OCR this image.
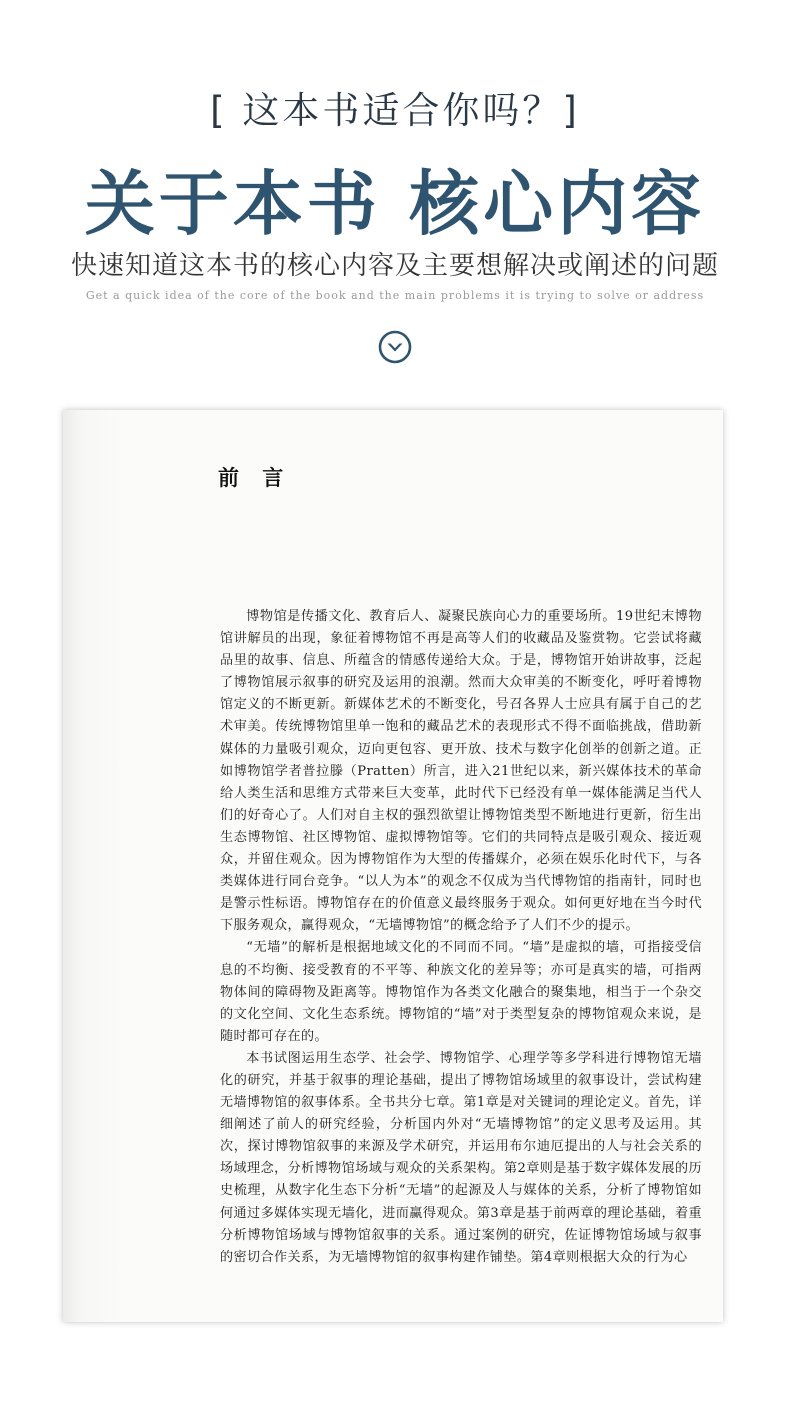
[ 这本书适合你吗？]
关于本书 核心内容
快速知道这本书的核心内容及主要想解决或阐述的问题
Get a quick idea of the core of the book and the main problems it is trying to solve or address
前 言

博物馆是传播文化、教育后人、凝聚民族向心力的重要场所。19世纪末博物馆讲解员的出现，象征着博物馆不再是高等人们的收藏品及鉴赏物。它尝试将藏品里的故事、信息、所蕴含的情感传递给大众。于是，博物馆开始讲故事，泛起了博物馆展示叙事的研究及运用的浪潮。然而大众审美的不断变化，呼吁着博物馆定义的不断更新。新媒体艺术的不断变化，号召各界人士应具有属于自己的艺术审美。传统博物馆里单一饱和的藏品艺术的表现形式不得不面临挑战，借助新媒体的力量吸引观众，迈向更包容、更开放、技术与数字化创举的创新之道。正如博物馆学者普拉滕（Pratten）所言，进入21世纪以来，新兴媒体技术的革命给人类生活和思维方式带来巨大变革，此时代下已经没有单一媒体能满足当代人们的好奇心了。人们对自主权的强烈欲望让博物馆类型不断地进行更新，衍生出生态博物馆、社区博物馆、虚拟博物馆等。它们的共同特点是吸引观众、接近观众，并留住观众。因为博物馆作为大型的传播媒介，必须在娱乐化时代下，与各类媒体进行同台竞争。“以人为本”的观念不仅成为当代博物馆的指南针，同时也是警示性标语。博物馆存在的价值意义最终服务于观众。如何更好地在当今时代下服务观众，赢得观众，“无墙博物馆”的概念给予了人们不少的提示。

“无墙”的解析是根据地域文化的不同而不同。“墙”是虚拟的墙，可指接受信息的不均衡、接受教育的不平等、种族文化的差异等；亦可是真实的墙，可指两物体间的障碍物及距离等。博物馆作为各类文化融合的聚集地，相当于一个杂交的文化空间、文化生态系统。博物馆的“墙”对于类型复杂的博物馆观众来说，是随时都可存在的。

本书试图运用生态学、社会学、博物馆学、心理学等多学科进行博物馆无墙化的研究，并基于叙事的理论基础，提出了博物馆场域里的叙事设计，尝试构建无墙博物馆的叙事体系。全书共分七章。第1章是对关键词的理论定义。首先，详细阐述了前人的研究经验，分析国内外对“无墙博物馆”的定义思考及运用。其次，探讨博物馆叙事的来源及学术研究，并运用布尔迪厄提出的人与社会关系的场域理念，分析博物馆场域与观众的关系架构。第2章则是基于数字媒体发展的历史梳理，从数字化生态下分析“无墙”的起源及人与媒体的关系，分析了博物馆如何通过多媒体实现无墙化，进而赢得观众。第3章是基于前两章的理论基础，着重分析博物馆场域与博物馆叙事的关系。通过案例的研究，佐证博物馆场域与叙事的密切合作关系，为无墙博物馆的叙事构建作铺垫。第4章则根据大众的行为心
